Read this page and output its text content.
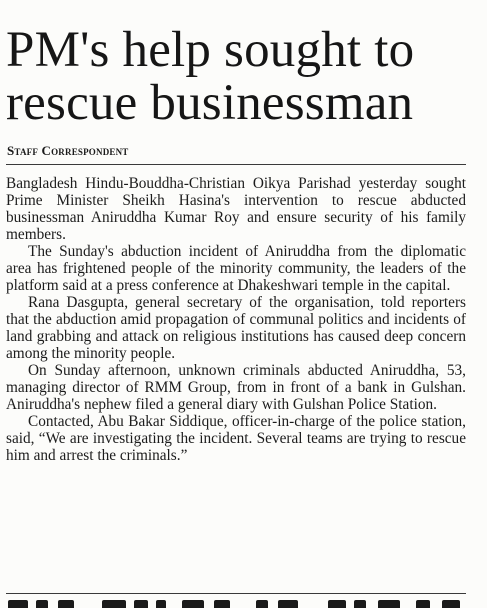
PM's help sought to
rescue businessman
Staff Correspondent

Bangladesh Hindu-Bouddha-Christian Oikya Parishad yesterday sought Prime Minister Sheikh Hasina's intervention to rescue abducted businessman Aniruddha Kumar Roy and ensure security of his family members.

The Sunday's abduction incident of Aniruddha from the diplomatic area has frightened people of the minority community, the leaders of the platform said at a press conference at Dhakeshwari temple in the capital.

Rana Dasgupta, general secretary of the organisation, told reporters that the abduction amid propagation of communal politics and incidents of land grabbing and attack on religious institutions has caused deep concern among the minority people.

On Sunday afternoon, unknown criminals abducted Aniruddha, 53, managing director of RMM Group, from in front of a bank in Gulshan. Aniruddha's nephew filed a general diary with Gulshan Police Station.

Contacted, Abu Bakar Siddique, officer-in-charge of the police station, said, “We are investigating the incident. Several teams are trying to rescue him and arrest the criminals.”
